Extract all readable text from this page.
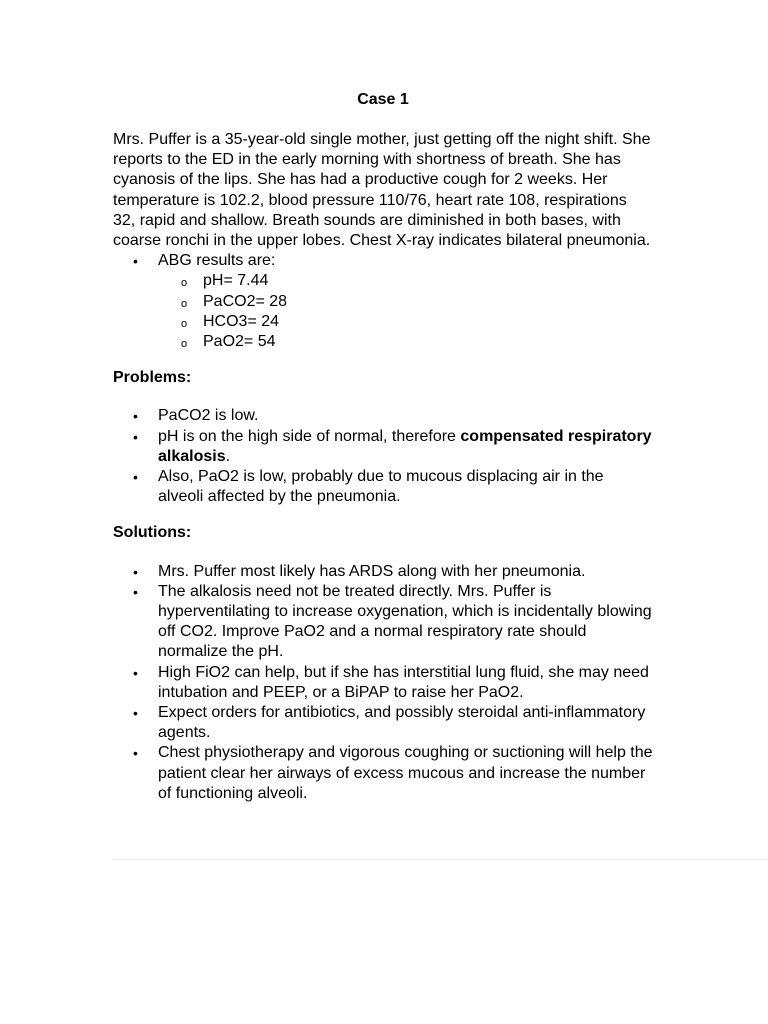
Case 1

Mrs. Puffer is a 35-year-old single mother, just getting off the night shift. She reports to the ED in the early morning with shortness of breath. She has cyanosis of the lips. She has had a productive cough for 2 weeks. Her temperature is 102.2, blood pressure 110/76, heart rate 108, respirations 32, rapid and shallow. Breath sounds are diminished in both bases, with coarse ronchi in the upper lobes. Chest X-ray indicates bilateral pneumonia.

• ABG results are:
o pH= 7.44
o PaCO2= 28
o HCO3= 24
o PaO2= 54
Problems:
• PaCO2 is low.
• pH is on the high side of normal, therefore compensated respiratory alkalosis.
• Also, PaO2 is low, probably due to mucous displacing air in the alveoli affected by the pneumonia.
Solutions:
• Mrs. Puffer most likely has ARDS along with her pneumonia.
• The alkalosis need not be treated directly. Mrs. Puffer is hyperventilating to increase oxygenation, which is incidentally blowing off CO2. Improve PaO2 and a normal respiratory rate should normalize the pH.
• High FiO2 can help, but if she has interstitial lung fluid, she may need intubation and PEEP, or a BiPAP to raise her PaO2.
• Expect orders for antibiotics, and possibly steroidal anti-inflammatory agents.
• Chest physiotherapy and vigorous coughing or suctioning will help the patient clear her airways of excess mucous and increase the number of functioning alveoli.
